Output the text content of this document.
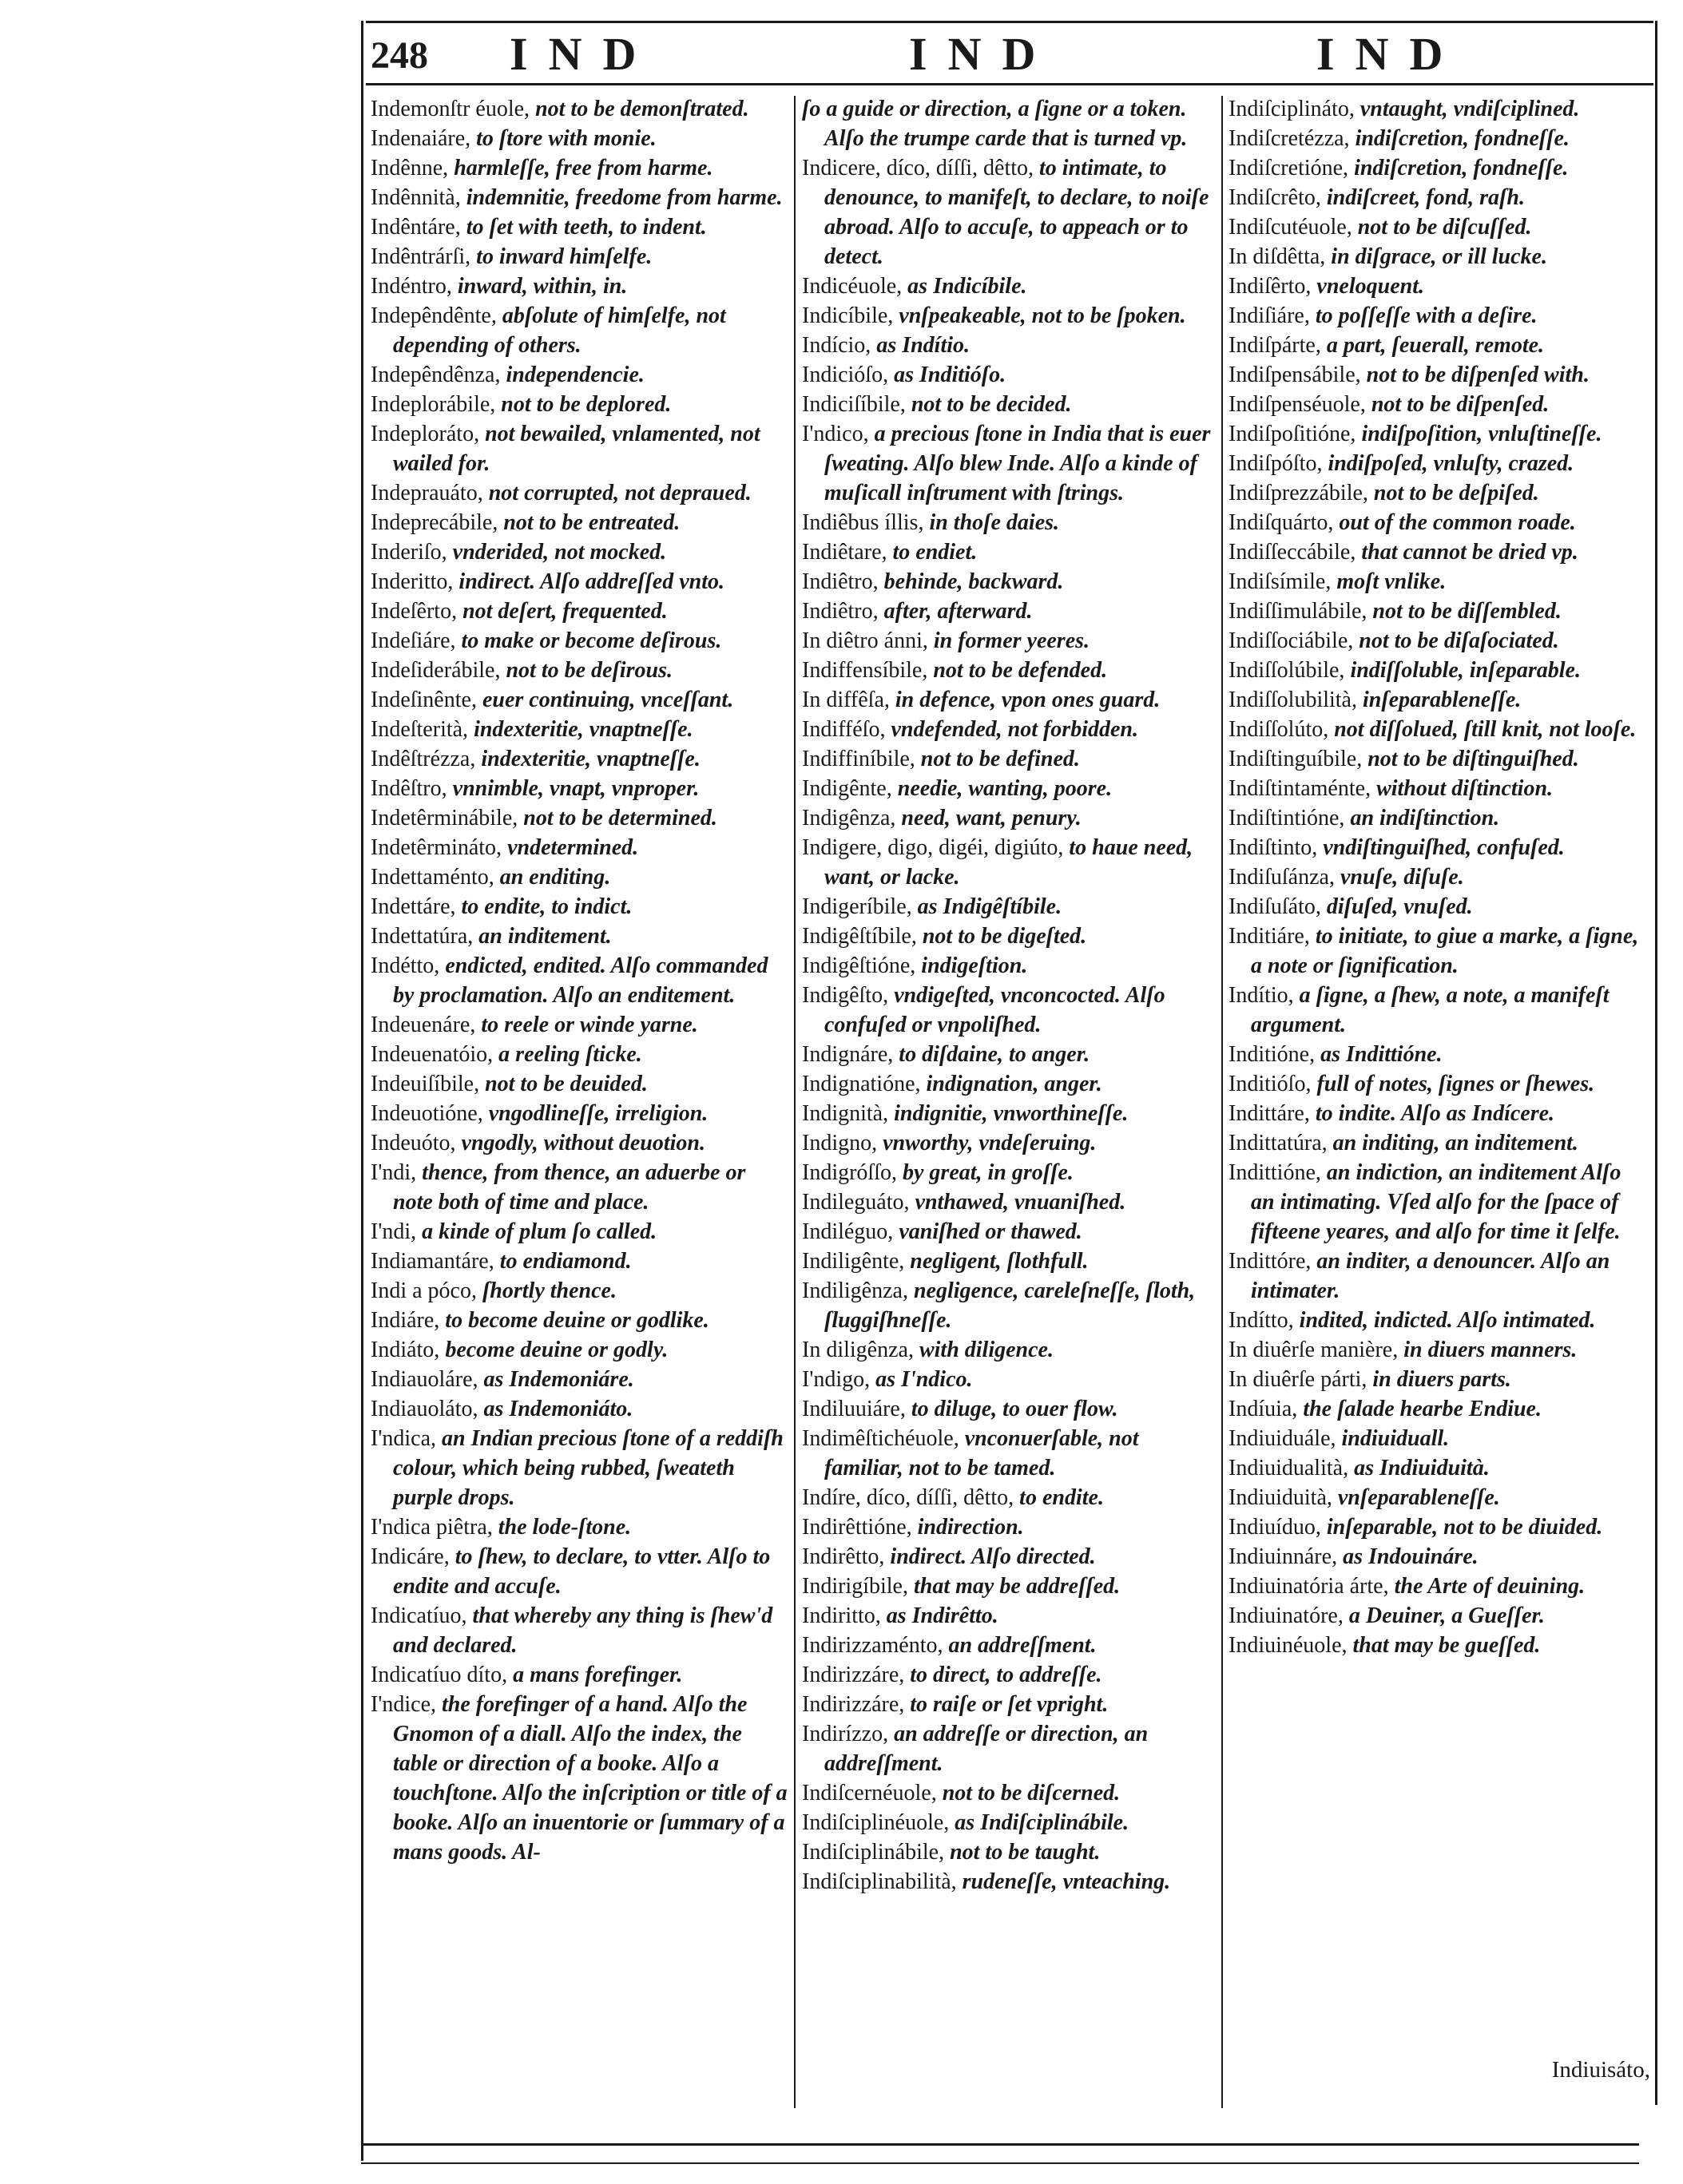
248 IND	IND	IND

Indemonſtr éuole, not to be demonſtrated.

Indenaiáre, to ſtore with monie.

Indênne, harmleſſe, free from harme.

Indênnità, indemnitie, freedome from harme.

Indêntáre, to ſet with teeth, to indent.

Indêntrárſi, to inward himſelfe.

Indéntro, inward, within, in.

Indepêndênte, abſolute of himſelfe, not depending of others.

Indepêndênza, independencie.

Indeplorábile, not to be deplored.

Indeploráto, not bewailed, vnlamented, not wailed for.

Indeprauáto, not corrupted, not depraued.

Indeprecábile, not to be entreated.

Inderiſo, vnderided, not mocked.

Inderitto, indirect. Alſo addreſſed vnto.

Indeſêrto, not deſert, frequented.

Indeſiáre, to make or become deſirous.

Indeſiderábile, not to be deſirous.

Indeſinênte, euer continuing, vnceſſant.

Indeſterità, indexteritie, vnaptneſſe.

Indêſtrézza, indexteritie, vnaptneſſe.

Indêſtro, vnnimble, vnapt, vnproper.

Indetêrminábile, not to be determined.

Indetêrmináto, vndetermined.

Indettaménto, an enditing.

Indettáre, to endite, to indict.

Indettatúra, an inditement.

Indétto, endicted, endited. Alſo commanded by proclamation. Alſo an enditement.

Indeuenáre, to reele or winde yarne.

Indeuenatóio, a reeling ſticke.

Indeuiſíbile, not to be deuided.

Indeuotióne, vngodlineſſe, irreligion.

Indeuóto, vngodly, without deuotion.

I'ndi, thence, from thence, an aduerbe or note both of time and place.

I'ndi, a kinde of plum ſo called.

Indiamantáre, to endiamond.

Indi a póco, ſhortly thence.

Indiáre, to become deuine or godlike.

Indiáto, become deuine or godly.

Indiauoláre, as Indemoniáre.

Indiauoláto, as Indemoniáto.

I'ndica, an Indian precious ſtone of a reddiſh colour, which being rubbed, ſweateth purple drops.

I'ndica piêtra, the lode-ſtone.

Indicáre, to ſhew, to declare, to vtter. Alſo to endite and accuſe.

Indicatíuo, that whereby any thing is ſhew'd and declared.

Indicatíuo díto, a mans forefinger.

I'ndice, the forefinger of a hand. Alſo the Gnomon of a diall. Alſo the index, the table or direction of a booke. Alſo a touchſtone. Alſo the inſcription or title of a booke. Alſo an inuentorie or ſummary of a mans goods. Al-

ſo a guide or direction, a ſigne or a token. Alſo the trumpe carde that is turned vp.

Indicere, díco, díſſi, dêtto, to intimate, to denounce, to manifeſt, to declare, to noiſe abroad. Alſo to accuſe, to appeach or to detect.

Indicéuole, as Indicíbile.

Indicíbile, vnſpeakeable, not to be ſpoken.

Indício, as Indítio.

Indicióſo, as Inditióſo.

Indiciſíbile, not to be decided.

I'ndico, a precious ſtone in India that is euer ſweating. Alſo blew Inde. Alſo a kinde of muſicall inſtrument with ſtrings.

Indiêbus íllis, in thoſe daies.

Indiêtare, to endiet.

Indiêtro, behinde, backward.

Indiêtro, after, afterward.

In diêtro ánni, in former yeeres.

Indiffensíbile, not to be defended.

In diffêſa, in defence, vpon ones guard.

Indifféſo, vndefended, not forbidden.

Indiffiníbile, not to be defined.

Indigênte, needie, wanting, poore.

Indigênza, need, want, penury.

Indigere, digo, digéi, digiúto, to haue need, want, or lacke.

Indigeríbile, as Indigêſtíbile.

Indigêſtíbile, not to be digeſted.

Indigêſtióne, indigeſtion.

Indigêſto, vndigeſted, vnconcocted. Alſo confuſed or vnpoliſhed.

Indignáre, to diſdaine, to anger.

Indignatióne, indignation, anger.

Indignità, indignitie, vnworthineſſe.

Indigno, vnworthy, vndeſeruing.

Indigróſſo, by great, in groſſe.

Indileguáto, vnthawed, vnuaniſhed.

Indiléguo, vaniſhed or thawed.

Indiligênte, negligent, ſlothfull.

Indiligênza, negligence, careleſneſſe, ſloth, ſluggiſhneſſe.

In diligênza, with diligence.

I'ndigo, as I'ndico.

Indiluuiáre, to diluge, to ouer flow.

Indimêſtichéuole, vnconuerſable, not familiar, not to be tamed.

Indíre, díco, díſſi, dêtto, to endite.

Indirêttióne, indirection.

Indirêtto, indirect. Alſo directed.

Indirigíbile, that may be addreſſed.

Indiritto, as Indirêtto.

Indirizzaménto, an addreſſment.

Indirizzáre, to direct, to addreſſe.

Indirizzáre, to raiſe or ſet vpright.

Indirízzo, an addreſſe or direction, an addreſſment.

Indiſcernéuole, not to be diſcerned.

Indiſciplinéuole, as Indiſciplinábile.

Indiſciplinábile, not to be taught.

Indiſciplinabilità, rudeneſſe, vnteaching.

Indiſciplináto, vntaught, vndiſciplined.

Indiſcretézza, indiſcretion, fondneſſe.

Indiſcretióne, indiſcretion, fondneſſe.

Indiſcrêto, indiſcreet, fond, raſh.

Indiſcutéuole, not to be diſcuſſed.

In diſdêtta, in diſgrace, or ill lucke.

Indiſêrto, vneloquent.

Indiſiáre, to poſſeſſe with a deſire.

Indiſpárte, a part, ſeuerall, remote.

Indiſpensábile, not to be diſpenſed with.

Indiſpenséuole, not to be diſpenſed.

Indiſpoſitióne, indiſpoſition, vnluſtineſſe.

Indiſpóſto, indiſpoſed, vnluſty, crazed.

Indiſprezzábile, not to be deſpiſed.

Indiſquárto, out of the common roade.

Indiſſeccábile, that cannot be dried vp.

Indiſsímile, moſt vnlike.

Indiſſimulábile, not to be diſſembled.

Indiſſociábile, not to be diſaſociated.

Indiſſolúbile, indiſſoluble, inſeparable.

Indiſſolubilità, inſeparableneſſe.

Indiſſolúto, not diſſolued, ſtill knit, not looſe.

Indiſtinguíbile, not to be diſtinguiſhed.

Indiſtintaménte, without diſtinction.

Indiſtintióne, an indiſtinction.

Indiſtinto, vndiſtinguiſhed, confuſed.

Indiſuſánza, vnuſe, diſuſe.

Indiſuſáto, diſuſed, vnuſed.

Inditiáre, to initiate, to giue a marke, a ſigne, a note or ſignification.

Indítio, a ſigne, a ſhew, a note, a manifeſt argument.

Inditióne, as Indittióne.

Inditióſo, full of notes, ſignes or ſhewes.

Indittáre, to indite. Alſo as Indícere.

Indittatúra, an inditing, an inditement.

Indittióne, an indiction, an inditement Alſo an intimating. Vſed alſo for the ſpace of fifteene yeares, and alſo for time it ſelfe.

Indittóre, an inditer, a denouncer. Alſo an intimater.

Indítto, indited, indicted. Alſo intimated.

In diuêrſe manière, in diuers manners.

In diuêrſe párti, in diuers parts.

Indíuia, the ſalade hearbe Endiue.

Indiuiduále, indiuiduall.

Indiuidualità, as Indiuiduità.

Indiuiduità, vnſeparableneſſe.

Indiuíduo, inſeparable, not to be diuided.

Indiuinnáre, as Indouináre.

Indiuinatória árte, the Arte of deuining.

Indiuinatóre, a Deuiner, a Gueſſer.

Indiuinéuole, that may be gueſſed.

Indiuisáto,
